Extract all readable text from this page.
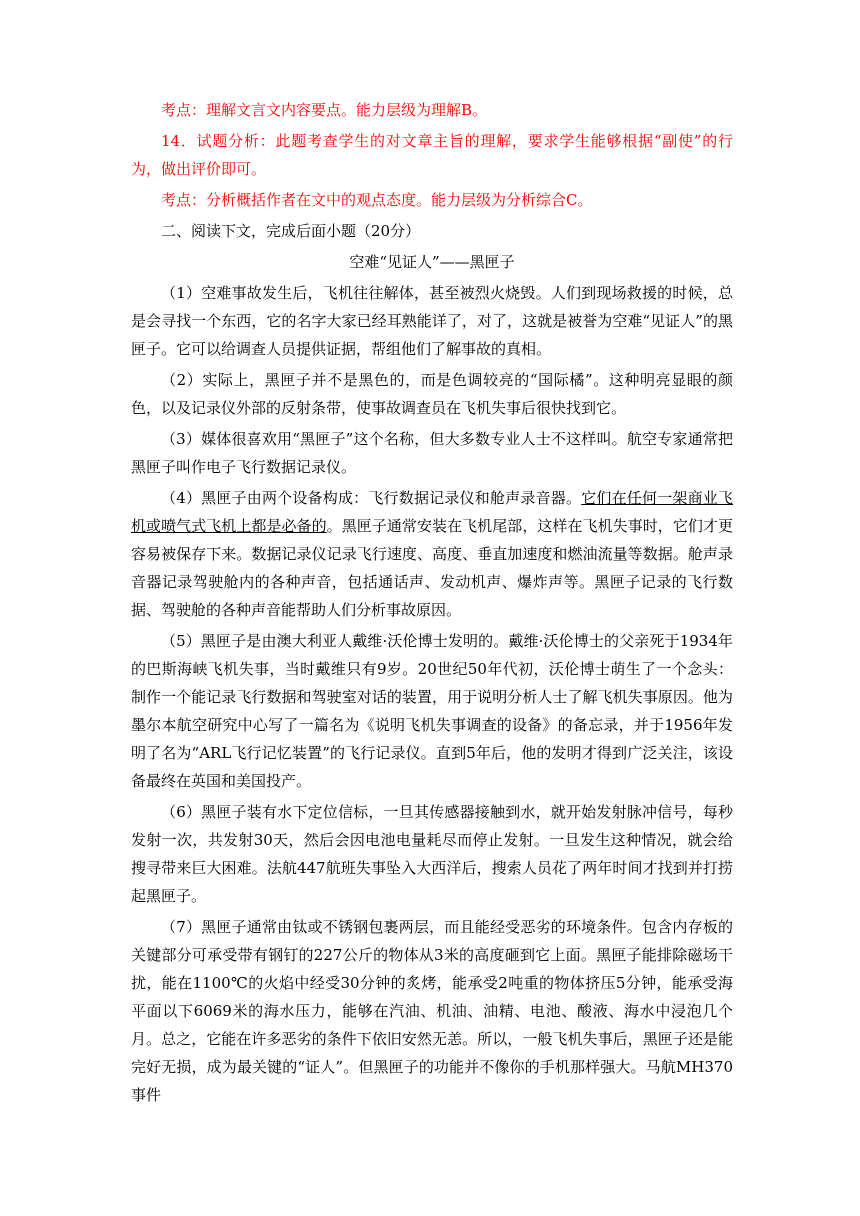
考点：理解文言文内容要点。能力层级为理解B。

14．试题分析：此题考查学生的对文章主旨的理解，要求学生能够根据“副使”的行为，做出评价即可。

考点：分析概括作者在文中的观点态度。能力层级为分析综合C。

二、阅读下文，完成后面小题（20分）

空难“见证人”——黑匣子

（1）空难事故发生后，飞机往往解体，甚至被烈火烧毁。人们到现场救援的时候，总是会寻找一个东西，它的名字大家已经耳熟能详了，对了，这就是被誉为空难“见证人”的黑匣子。它可以给调查人员提供证据，帮组他们了解事故的真相。

（2）实际上，黑匣子并不是黑色的，而是色调较亮的“国际橘”。这种明亮显眼的颜色，以及记录仪外部的反射条带，使事故调查员在飞机失事后很快找到它。

（3）媒体很喜欢用“黑匣子”这个名称，但大多数专业人士不这样叫。航空专家通常把黑匣子叫作电子飞行数据记录仪。

（4）黑匣子由两个设备构成：飞行数据记录仪和舱声录音器。它们在任何一架商业飞机或喷气式飞机上都是必备的。黑匣子通常安装在飞机尾部，这样在飞机失事时，它们才更容易被保存下来。数据记录仪记录飞行速度、高度、垂直加速度和燃油流量等数据。舱声录音器记录驾驶舱内的各种声音，包括通话声、发动机声、爆炸声等。黑匣子记录的飞行数据、驾驶舱的各种声音能帮助人们分析事故原因。

（5）黑匣子是由澳大利亚人戴维·沃伦博士发明的。戴维·沃伦博士的父亲死于1934年的巴斯海峡飞机失事，当时戴维只有9岁。20世纪50年代初，沃伦博士萌生了一个念头：制作一个能记录飞行数据和驾驶室对话的装置，用于说明分析人士了解飞机失事原因。他为墨尔本航空研究中心写了一篇名为《说明飞机失事调查的设备》的备忘录，并于1956年发明了名为“ARL飞行记忆装置”的飞行记录仪。直到5年后，他的发明才得到广泛关注，该设备最终在英国和美国投产。

（6）黑匣子装有水下定位信标，一旦其传感器接触到水，就开始发射脉冲信号，每秒发射一次，共发射30天，然后会因电池电量耗尽而停止发射。一旦发生这种情况，就会给搜寻带来巨大困难。法航447航班失事坠入大西洋后，搜索人员花了两年时间才找到并打捞起黑匣子。

（7）黑匣子通常由钛或不锈钢包裹两层，而且能经受恶劣的环境条件。包含内存板的关键部分可承受带有钢钉的227公斤的物体从3米的高度砸到它上面。黑匣子能排除磁场干扰，能在1100℃的火焰中经受30分钟的炙烤，能承受2吨重的物体挤压5分钟，能承受海平面以下6069米的海水压力，能够在汽油、机油、油精、电池、酸液、海水中浸泡几个月。总之，它能在许多恶劣的条件下依旧安然无恙。所以，一般飞机失事后，黑匣子还是能完好无损，成为最关键的“证人”。但黑匣子的功能并不像你的手机那样强大。马航MH370事件
